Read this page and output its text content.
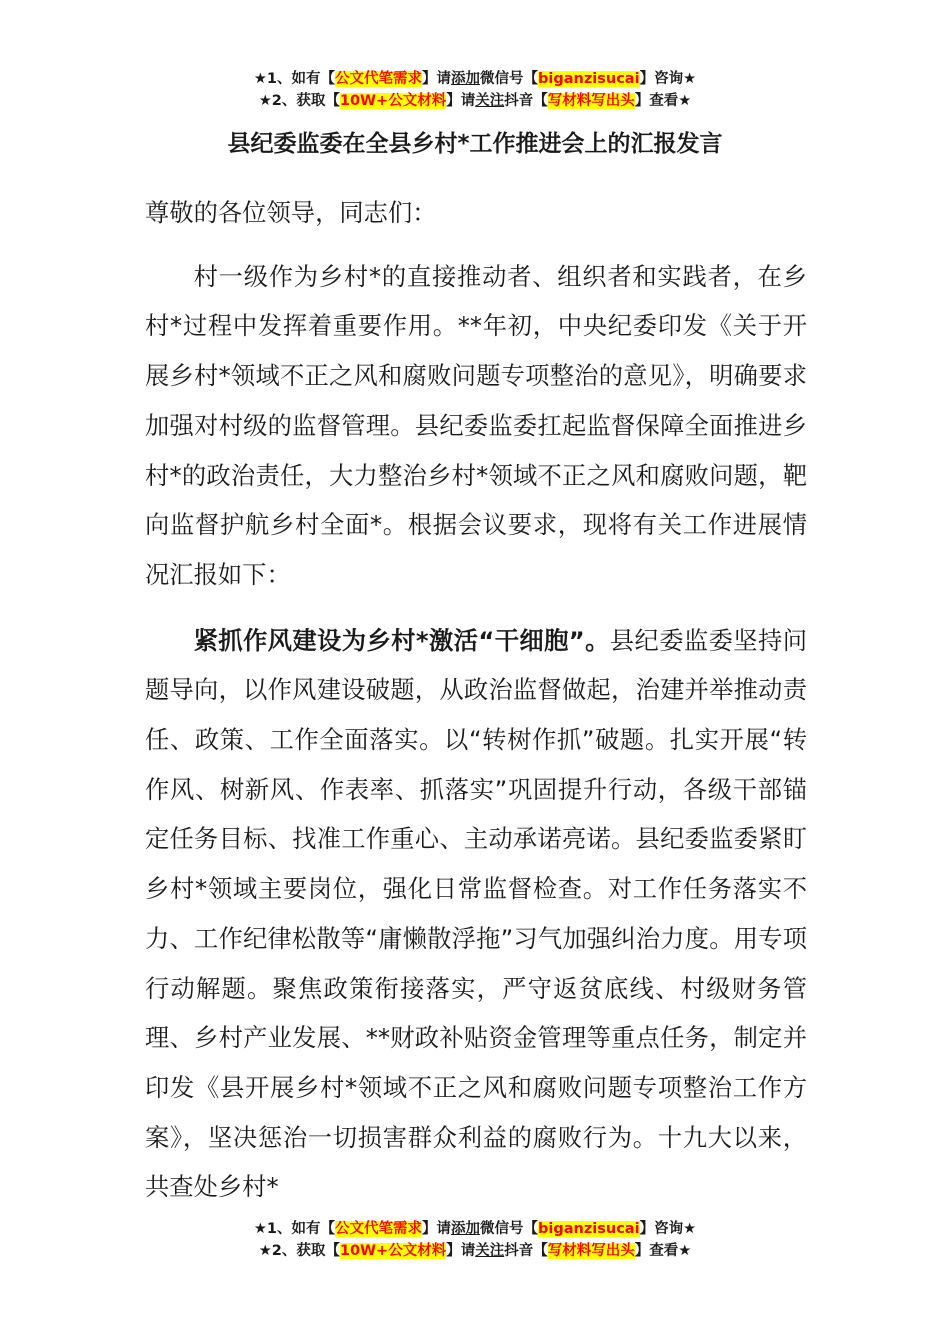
★1、如有【公文代笔需求】请添加微信号【biganzisucai】咨询★
★2、获取【10W+公文材料】请关注抖音【写材料写出头】查看★
县纪委监委在全县乡村*工作推进会上的汇报发言

尊敬的各位领导，同志们：

村一级作为乡村*的直接推动者、组织者和实践者，在乡村*过程中发挥着重要作用。**年初，中央纪委印发《关于开展乡村*领域不正之风和腐败问题专项整治的意见》，明确要求加强对村级的监督管理。县纪委监委扛起监督保障全面推进乡村*的政治责任，大力整治乡村*领域不正之风和腐败问题，靶向监督护航乡村全面*。根据会议要求，现将有关工作进展情况汇报如下：

紧抓作风建设为乡村*激活“干细胞”。县纪委监委坚持问题导向，以作风建设破题，从政治监督做起，治建并举推动责任、政策、工作全面落实。以“转树作抓”破题。扎实开展“转作风、树新风、作表率、抓落实”巩固提升行动，各级干部锚定任务目标、找准工作重心、主动承诺亮诺。县纪委监委紧盯乡村*领域主要岗位，强化日常监督检查。对工作任务落实不力、工作纪律松散等“庸懒散浮拖”习气加强纠治力度。用专项行动解题。聚焦政策衔接落实，严守返贫底线、村级财务管理、乡村产业发展、**财政补贴资金管理等重点任务，制定并印发《县开展乡村*领域不正之风和腐败问题专项整治工作方案》，坚决惩治一切损害群众利益的腐败行为。十九大以来，共查处乡村*

★1、如有【公文代笔需求】请添加微信号【biganzisucai】咨询★
★2、获取【10W+公文材料】请关注抖音【写材料写出头】查看★
